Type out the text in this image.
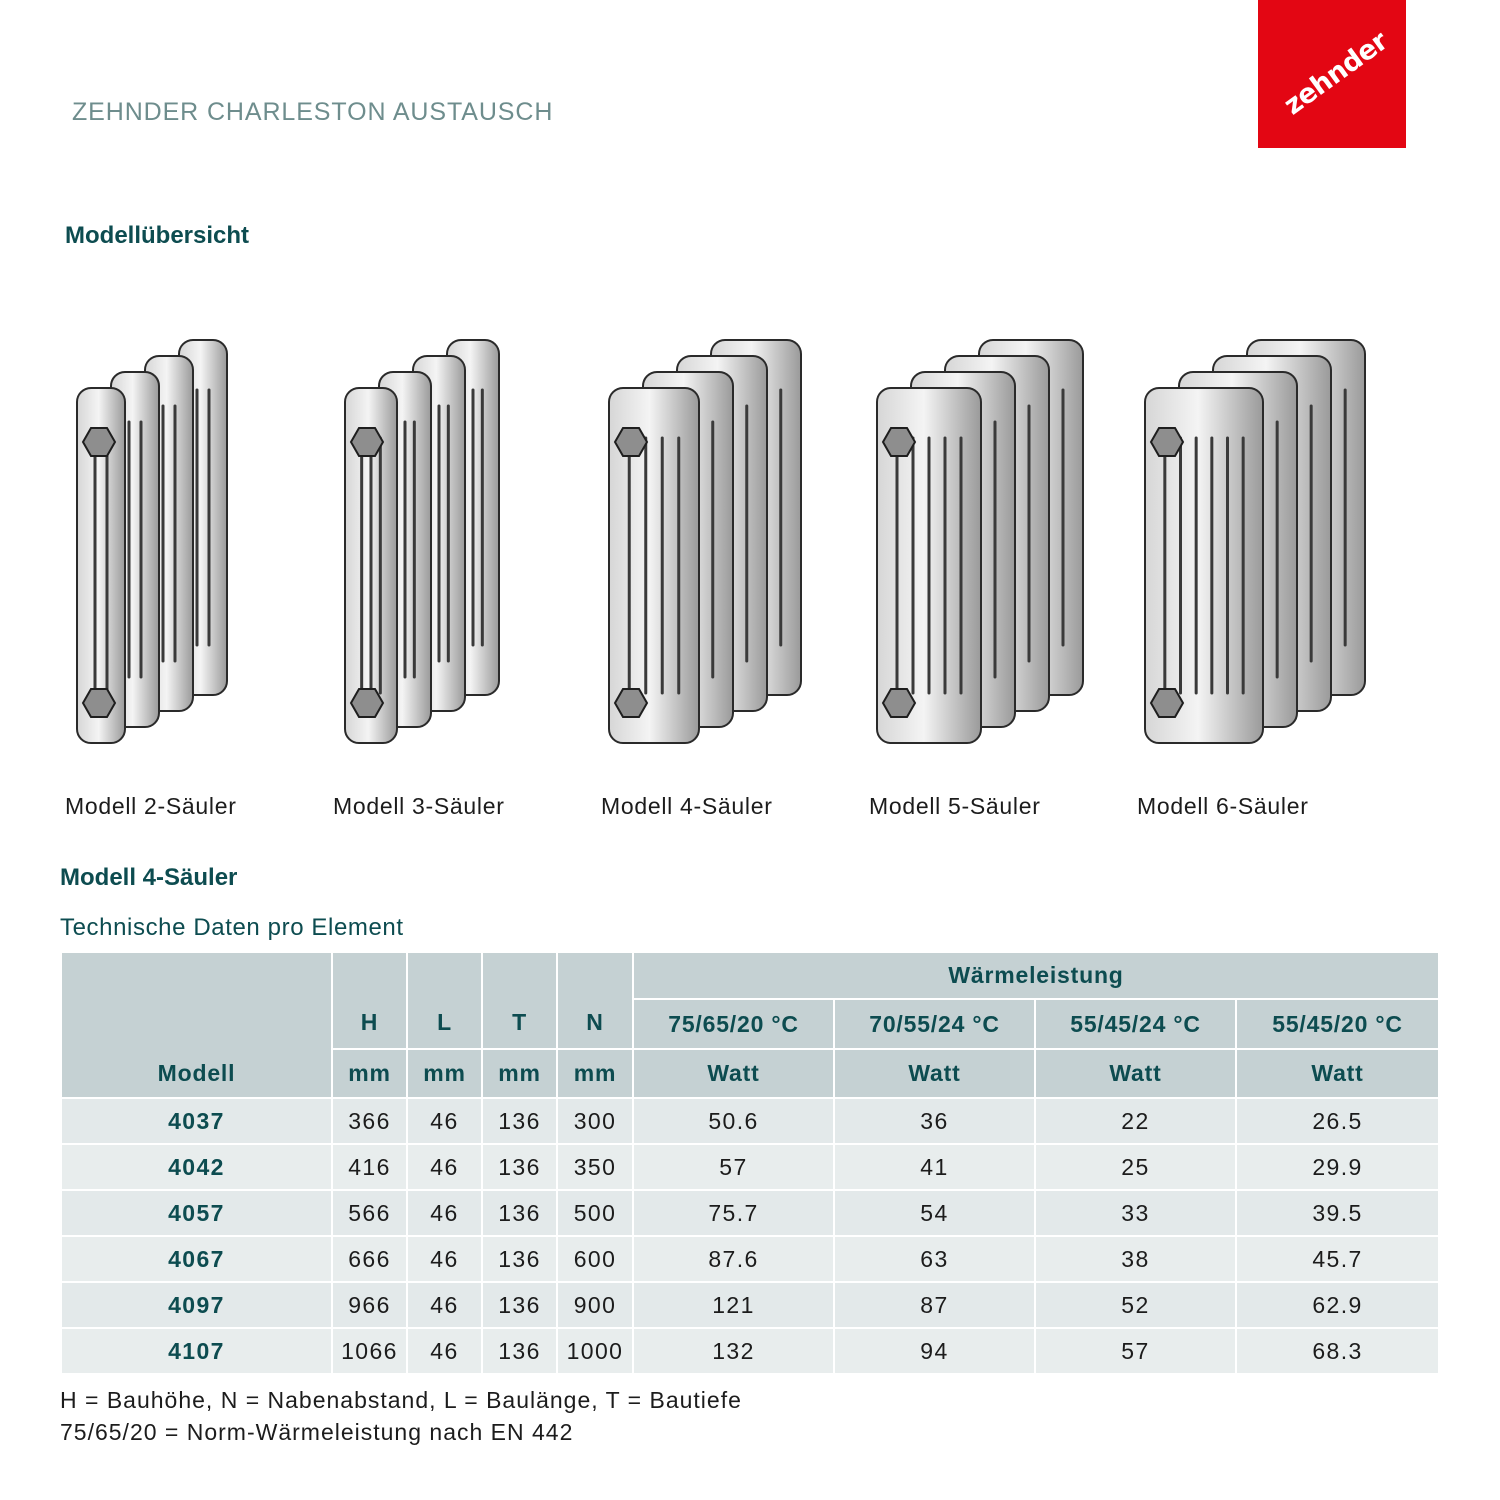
ZEHNDER CHARLESTON AUSTAUSCH	zehnder
Modellübersicht
Modell 2-Säuler	Modell 3-Säuler	Modell 4-Säuler	Modell 5-Säuler	Modell 6-Säuler
Modell 4-Säuler
Technische Daten pro Element
Modell	H	L	T	N	Wärmeleistung			
					75/65/20 °C	70/55/24 °C	55/45/24 °C	55/45/20 °C
	mm	mm	mm	mm	Watt	Watt	Watt	Watt
4037	366	46	136	300	50.6	36	22	26.5
4042	416	46	136	350	57	41	25	29.9
4057	566	46	136	500	75.7	54	33	39.5
4067	666	46	136	600	87.6	63	38	45.7
4097	966	46	136	900	121	87	52	62.9
4107	1066	46	136	1000	132	94	57	68.3
H = Bauhöhe, N = Nabenabstand, L = Baulänge, T = Bautiefe
75/65/20 = Norm-Wärmeleistung nach EN 442
